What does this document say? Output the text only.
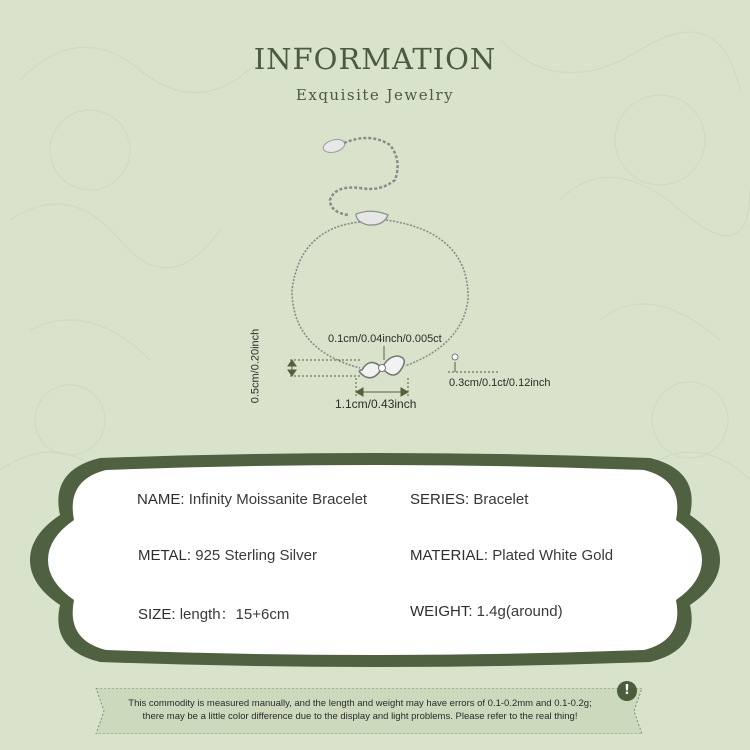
INFORMATION
Exquisite Jewelry
0.1cm/0.04inch/0.005ct
0.3cm/0.1ct/0.12inch
1.1cm/0.43inch
0.5cm/0.20inch
NAME: Infinity Moissanite Bracelet	SERIES: Bracelet
METAL: 925 Sterling Silver	MATERIAL: Plated White Gold
SIZE: length：15+6cm	WEIGHT: 1.4g(around)
!
This commodity is measured manually, and the length and weight may have errors of 0.1-0.2mm and 0.1-0.2g;
there may be a little color difference due to the display and light problems. Please refer to the real thing!
